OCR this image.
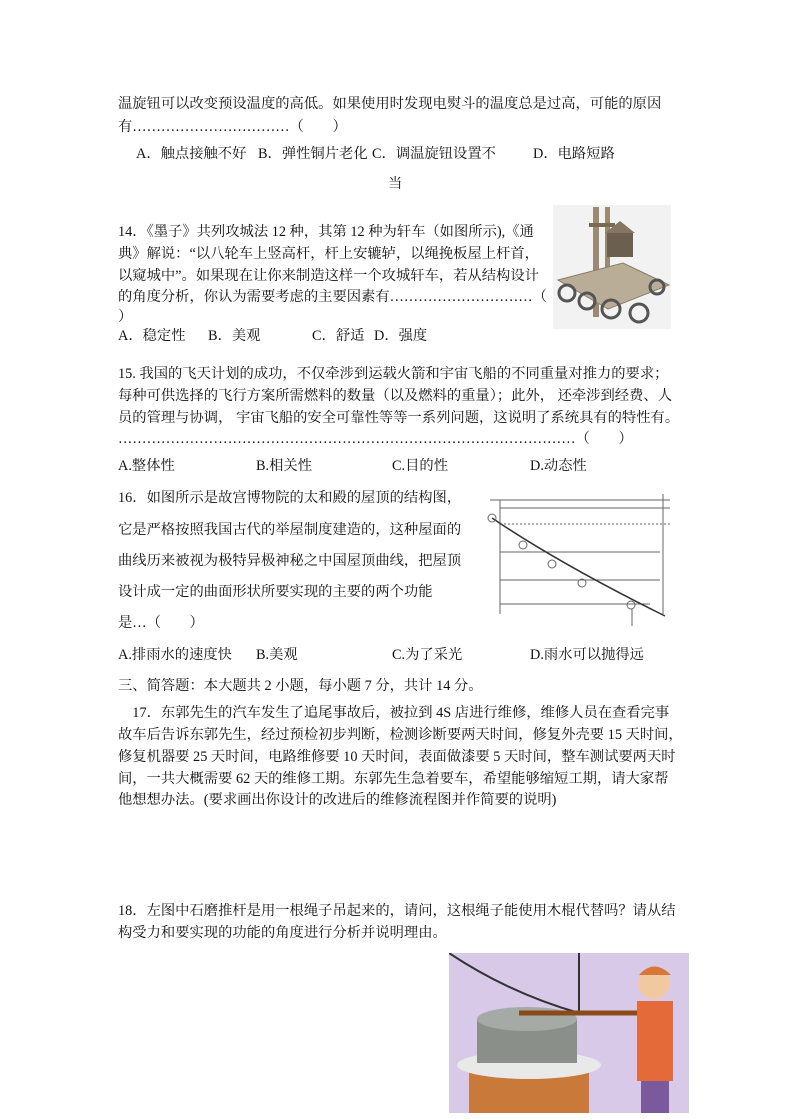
温旋钮可以改变预设温度的高低。如果使用时发现电熨斗的温度总是过高，可能的原因
有……………………………（　　）
A．触点接触不好 B．弹性铜片老化 C．调温旋钮设置不	D．电路短路
当
14．《墨子》共列攻城法 12 种，其第 12 种为轩车（如图所示),《通
典》解说：“以八轮车上竖高杆，杆上安辘轳，以绳挽板屋上杆首，
以窥城中”。如果现在让你来制造这样一个攻城轩车，若从结构设计
的角度分析，你认为需要考虑的主要因素有…………………………（
）
A．稳定性 B．美观	C．舒适 D．强度
15. 我国的飞天计划的成功，不仅牵涉到运载火箭和宇宙飞船的不同重量对推力的要求；
每种可供选择的飞行方案所需燃料的数量（以及燃料的重量）；此外， 还牵涉到经费、人
员的管理与协调， 宇宙飞船的安全可靠性等等一系列问题，这说明了系统具有的特性有。
……………………………………………………………………………………（　　）
A.整体性	B.相关性	C.目的性	D.动态性
16．如图所示是故宫博物院的太和殿的屋顶的结构图，
它是严格按照我国古代的举屋制度建造的，这种屋面的
曲线历来被视为极特异极神秘之中国屋顶曲线，把屋顶
设计成一定的曲面形状所要实现的主要的两个功能
是…（　　）
A.排雨水的速度快 B.美观	C.为了采光	D.雨水可以抛得远
三、简答题：本大题共 2 小题，每小题 7 分，共计 14 分。
　17．东郭先生的汽车发生了追尾事故后，被拉到 4S 店进行维修，维修人员在查看完事
故车后告诉东郭先生，经过预检初步判断，检测诊断要两天时间，修复外壳要 15 天时间，
修复机器要 25 天时间，电路维修要 10 天时间，表面做漆要 5 天时间，整车测试要两天时
间，一共大概需要 62 天的维修工期。东郭先生急着要车，希望能够缩短工期，请大家帮
他想想办法。(要求画出你设计的改进后的维修流程图并作简要的说明)
18．左图中石磨推杆是用一根绳子吊起来的，请问，这根绳子能使用木棍代替吗？请从结
构受力和要实现的功能的角度进行分析并说明理由。
